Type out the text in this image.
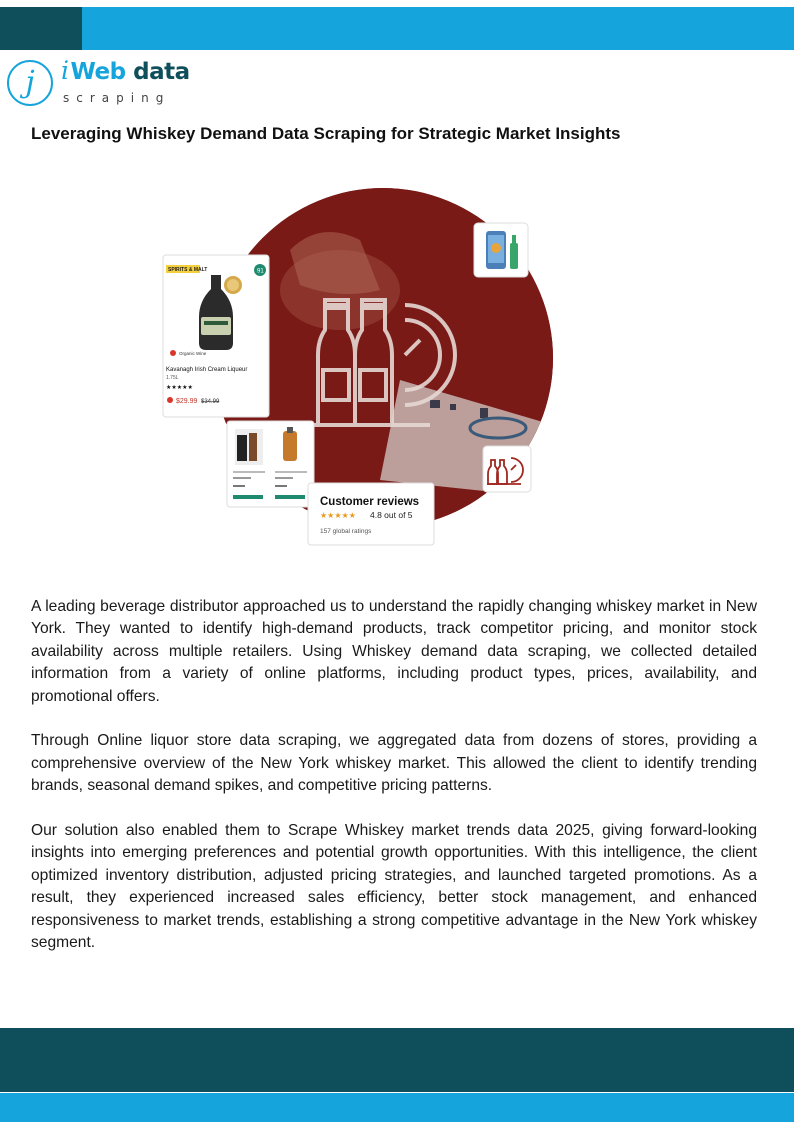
j	iWeb data
scraping
Leveraging Whiskey Demand Data Scraping for Strategic Market Insights
SPIRITS & MALT	91
Organic Wine
Kavanagh Irish Cream Liqueur
1.75L
★★★★★
$29.99 $34.99
Customer reviews
★★★★★ 4.8 out of 5
157 global ratings

A leading beverage distributor approached us to understand the rapidly changing whiskey market in New York. They wanted to identify high-demand products, track competitor pricing, and monitor stock availability across multiple retailers. Using Whiskey demand data scraping, we collected detailed information from a variety of online platforms, including product types, prices, availability, and promotional offers.

Through Online liquor store data scraping, we aggregated data from dozens of stores, providing a comprehensive overview of the New York whiskey market. This allowed the client to identify trending brands, seasonal demand spikes, and competitive pricing patterns.

Our solution also enabled them to Scrape Whiskey market trends data 2025, giving forward-looking insights into emerging preferences and potential growth opportunities. With this intelligence, the client optimized inventory distribution, adjusted pricing strategies, and launched targeted promotions. As a result, they experienced increased sales efficiency, better stock management, and enhanced responsiveness to market trends, establishing a strong competitive advantage in the New York whiskey segment.
